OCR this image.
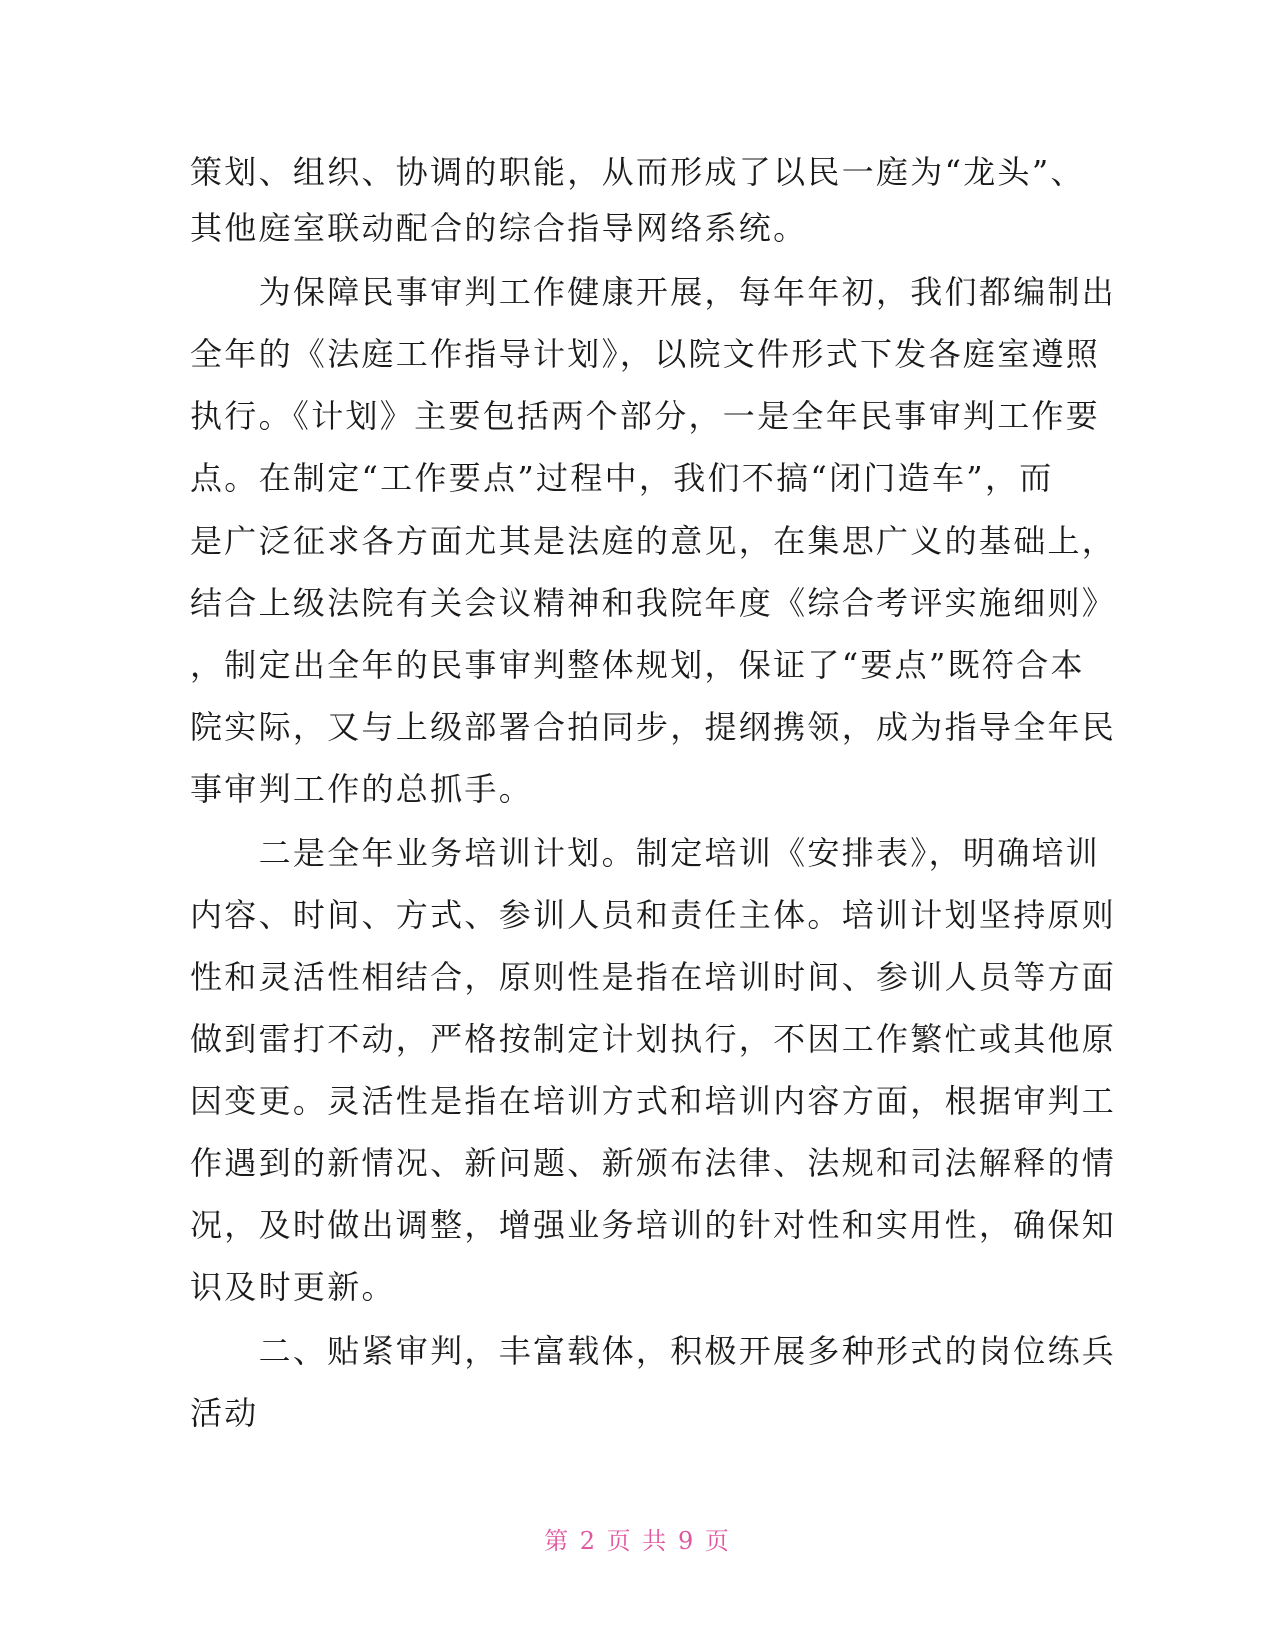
策划、组织、协调的职能，从而形成了以民一庭为“龙头”、
其他庭室联动配合的综合指导网络系统。
　　为保障民事审判工作健康开展，每年年初，我们都编制出
全年的《法庭工作指导计划》，以院文件形式下发各庭室遵照
执行。《计划》主要包括两个部分，一是全年民事审判工作要
点。在制定“工作要点”过程中，我们不搞“闭门造车”，而
是广泛征求各方面尤其是法庭的意见，在集思广义的基础上，
结合上级法院有关会议精神和我院年度《综合考评实施细则》
，制定出全年的民事审判整体规划，保证了“要点”既符合本
院实际，又与上级部署合拍同步，提纲携领，成为指导全年民
事审判工作的总抓手。
　　二是全年业务培训计划。制定培训《安排表》，明确培训
内容、时间、方式、参训人员和责任主体。培训计划坚持原则
性和灵活性相结合，原则性是指在培训时间、参训人员等方面
做到雷打不动，严格按制定计划执行，不因工作繁忙或其他原
因变更。灵活性是指在培训方式和培训内容方面，根据审判工
作遇到的新情况、新问题、新颁布法律、法规和司法解释的情
况，及时做出调整，增强业务培训的针对性和实用性，确保知
识及时更新。
　　二、贴紧审判，丰富载体，积极开展多种形式的岗位练兵
活动
第 2 页 共 9 页
